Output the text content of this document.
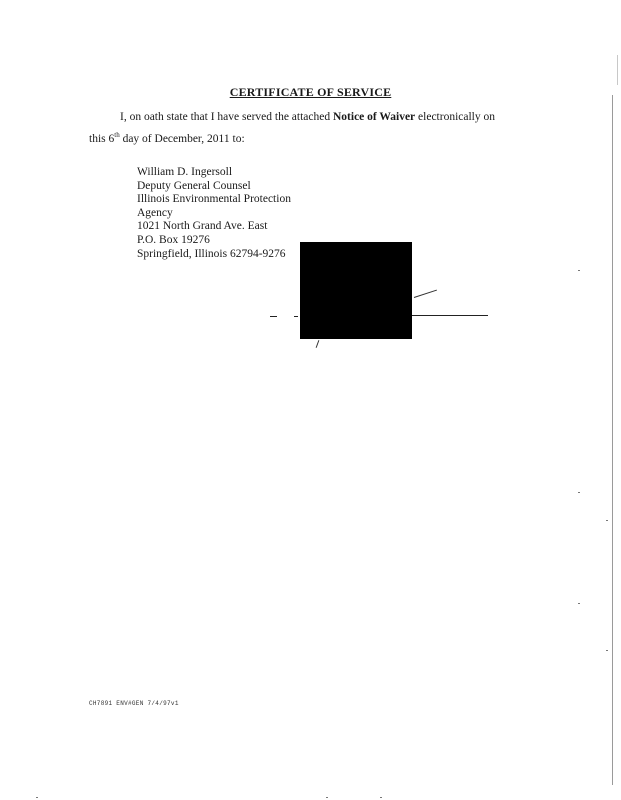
CERTIFICATE OF SERVICE
I, on oath state that I have served the attached Notice of Waiver electronically on
this 6th day of December, 2011 to:
William D. Ingersoll
Deputy General Counsel
Illinois Environmental Protection
Agency
1021 North Grand Ave. East
P.O. Box 19276
Springfield, Illinois 62794-9276
CH7891 ENV#GEN 7/4/97v1
